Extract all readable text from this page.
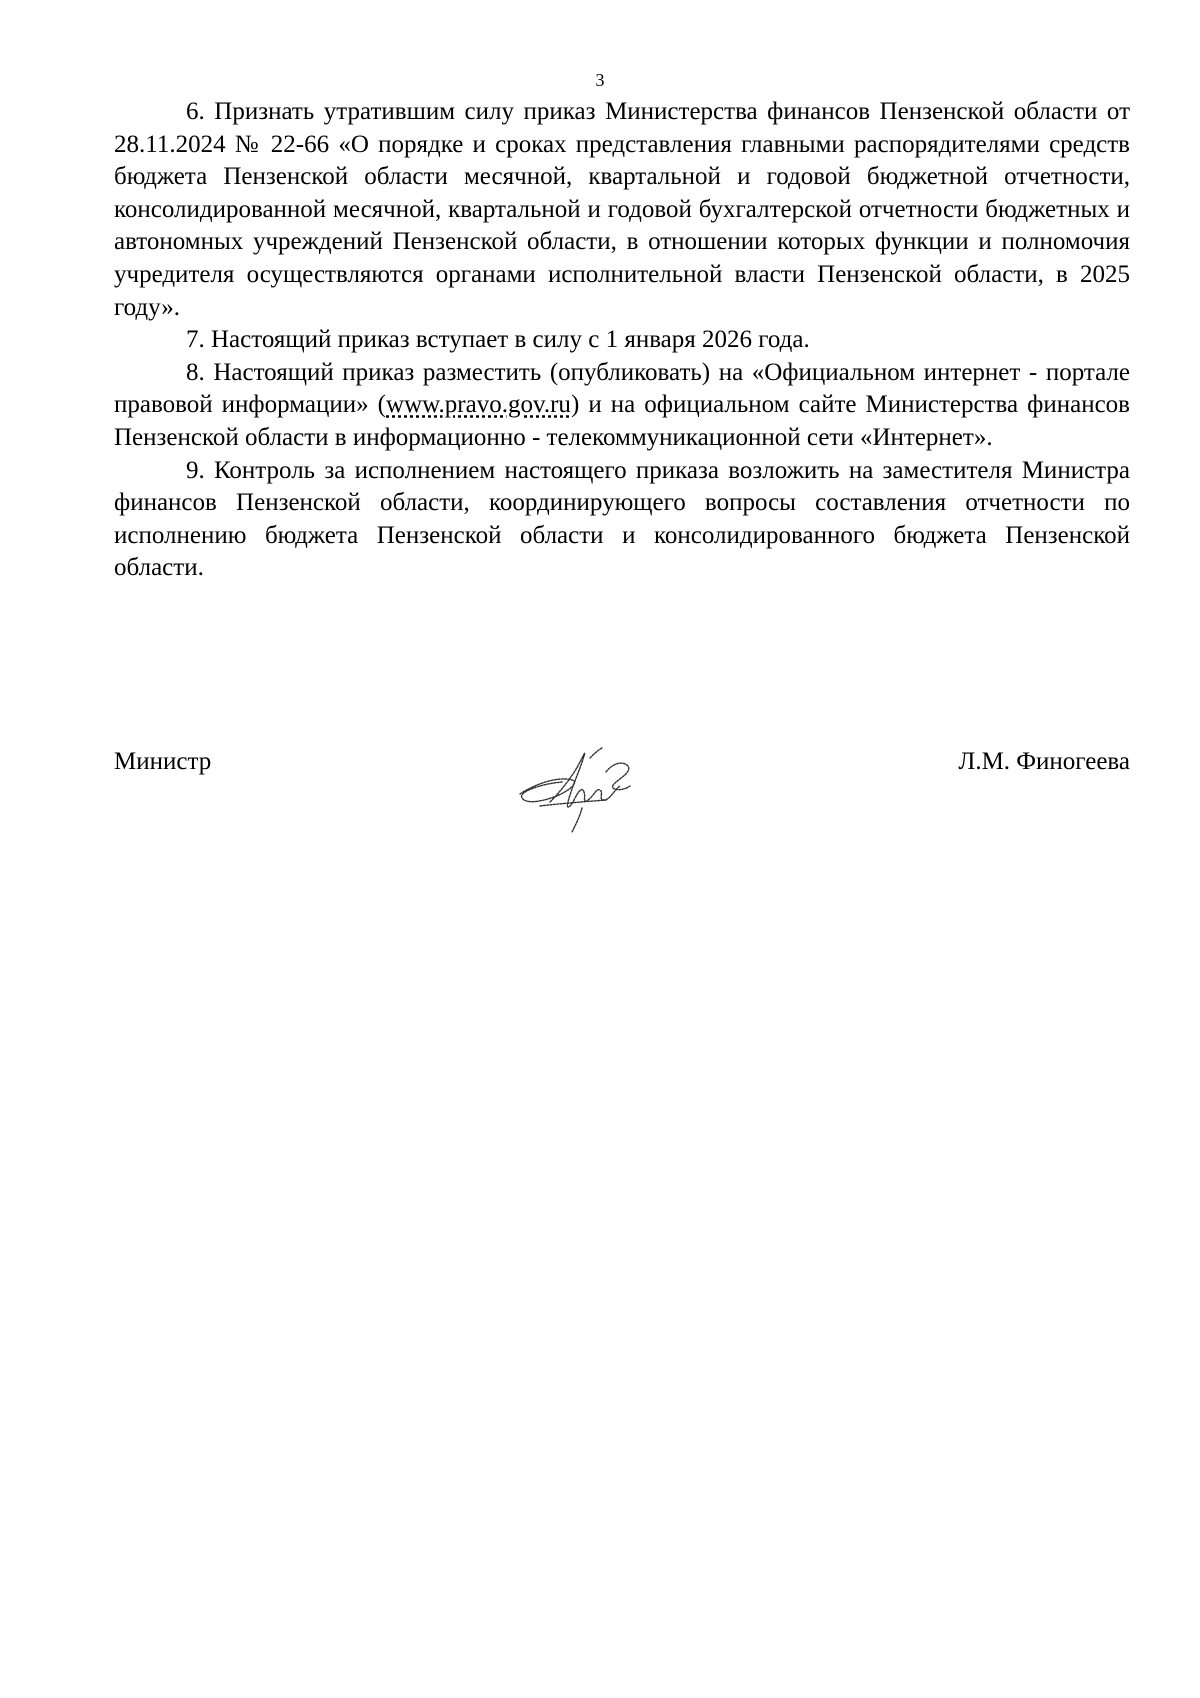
3

6. Признать утратившим силу приказ Министерства финансов Пензенской области от 28.11.2024 № 22-66 «О порядке и сроках представления главными распорядителями средств бюджета Пензенской области месячной, квартальной и годовой бюджетной отчетности, консолидированной месячной, квартальной и годовой бухгалтерской отчетности бюджетных и автономных учреждений Пензенской области, в отношении которых функции и полномочия учредителя осуществляются органами исполнительной власти Пензенской области, в 2025 году».

7. Настоящий приказ вступает в силу с 1 января 2026 года.

8. Настоящий приказ разместить (опубликовать) на «Официальном интернет - портале правовой информации» (www.pravo.gov.ru) и на официальном сайте Министерства финансов Пензенской области в информационно - телекоммуникационной сети «Интернет».

9. Контроль за исполнением настоящего приказа возложить на заместителя Министра финансов Пензенской области, координирующего вопросы составления отчетности по исполнению бюджета Пензенской области и консолидированного бюджета Пензенской области.

Министр	Л.М. Финогеева
